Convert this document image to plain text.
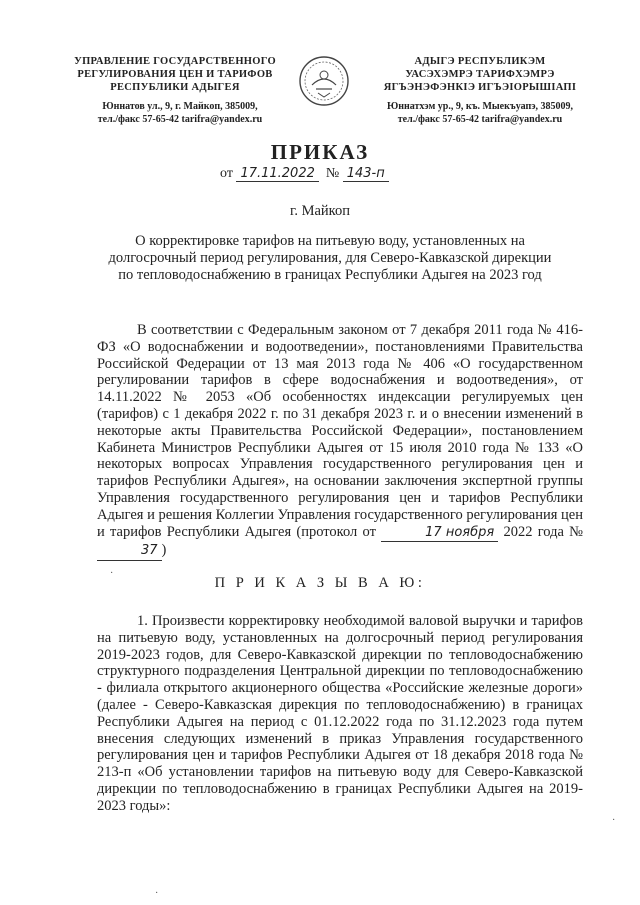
УПРАВЛЕНИЕ ГОСУДАРСТВЕННОГО
РЕГУЛИРОВАНИЯ ЦЕН И ТАРИФОВ
РЕСПУБЛИКИ АДЫГЕЯ
АДЫГЭ РЕСПУБЛИКЭМ
УАСЭХЭМРЭ ТАРИФХЭМРЭ
ЯГЪЭНЭФЭНКІЭ ИГЪЭІОРЫШІАПІ
Юннатов ул., 9, г. Майкоп, 385009,
тел./факс 57-65-42 tarifra@yandex.ru
Юннатхэм ур., 9, къ. Мыекъуапэ, 385009,
тел./факс 57-65-42 tarifra@yandex.ru
ПРИКАЗ
от 17.11.2022 № 143-п
г. Майкоп
О корректировке тарифов на питьевую воду, установленных на долгосрочный период регулирования, для Северо-Кавказской дирекции по тепловодоснабжению в границах Республики Адыгея на 2023 год
В соответствии с Федеральным законом от 7 декабря 2011 года № 416-ФЗ «О водоснабжении и водоотведении», постановлениями Правительства Российской Федерации от 13 мая 2013 года № 406 «О государственном регулировании тарифов в сфере водоснабжения и водоотведения», от 14.11.2022 № 2053 «Об особенностях индексации регулируемых цен (тарифов) с 1 декабря 2022 г. по 31 декабря 2023 г. и о внесении изменений в некоторые акты Правительства Российской Федерации», постановлением Кабинета Министров Республики Адыгея от 15 июля 2010 года № 133 «О некоторых вопросах Управления государственного регулирования цен и тарифов Республики Адыгея», на основании заключения экспертной группы Управления государственного регулирования цен и тарифов Республики Адыгея и решения Коллегии Управления государственного регулирования цен и тарифов Республики Адыгея (протокол от	17 ноября 2022 года №37 )
П Р И К А З Ы В А Ю:
1. Произвести корректировку необходимой валовой выручки и тарифов на питьевую воду, установленных на долгосрочный период регулирования 2019-2023 годов, для Северо-Кавказской дирекции по тепловодоснабжению структурного подразделения Центральной дирекции по тепловодоснабжению - филиала открытого акционерного общества «Российские железные дороги» (далее - Северо-Кавказская дирекция по тепловодоснабжению) в границах Республики Адыгея на период с 01.12.2022 года по 31.12.2023 года путем внесения следующих изменений в приказ Управления государственного регулирования цен и тарифов Республики Адыгея от 18 декабря 2018 года № 213-п «Об установлении тарифов на питьевую воду для Северо-Кавказской дирекции по тепловодоснабжению в границах Республики Адыгея на 2019-2023 годы»:
·
·
·
